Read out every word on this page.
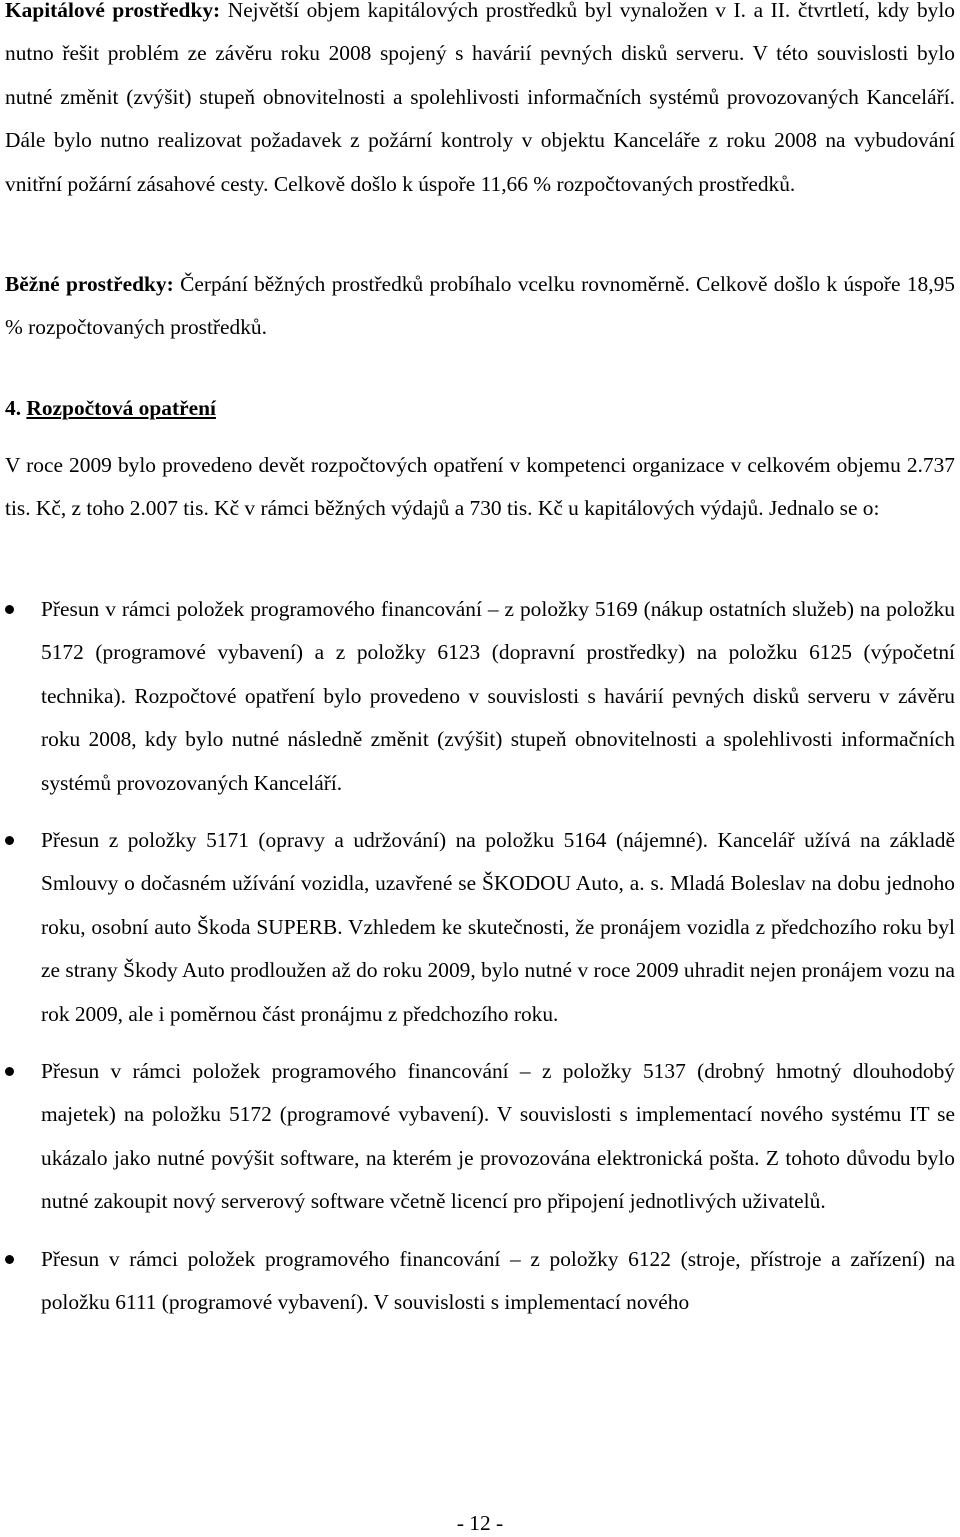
Kapitálové prostředky: Největší objem kapitálových prostředků byl vynaložen v I. a II. čtvrtletí, kdy bylo nutno řešit problém ze závěru roku 2008 spojený s havárií pevných disků serveru. V této souvislosti bylo nutné změnit (zvýšit) stupeň obnovitelnosti a spolehlivosti informačních systémů provozovaných Kanceláří. Dále bylo nutno realizovat požadavek z požární kontroly v objektu Kanceláře z roku 2008 na vybudování vnitřní požární zásahové cesty. Celkově došlo k úspoře 11,66 % rozpočtovaných prostředků.

Běžné prostředky: Čerpání běžných prostředků probíhalo vcelku rovnoměrně. Celkově došlo k úspoře 18,95 % rozpočtovaných prostředků.

4. Rozpočtová opatření

V roce 2009 bylo provedeno devět rozpočtových opatření v kompetenci organizace v celkovém objemu 2.737 tis. Kč, z toho 2.007 tis. Kč v rámci běžných výdajů a 730 tis. Kč u kapitálových výdajů. Jednalo se o:

Přesun v rámci položek programového financování – z položky 5169 (nákup ostatních služeb) na položku 5172 (programové vybavení) a z položky 6123 (dopravní prostředky) na položku 6125 (výpočetní technika). Rozpočtové opatření bylo provedeno v souvislosti s havárií pevných disků serveru v závěru roku 2008, kdy bylo nutné následně změnit (zvýšit) stupeň obnovitelnosti a spolehlivosti informačních systémů provozovaných Kanceláří.
Přesun z položky 5171 (opravy a udržování) na položku 5164 (nájemné). Kancelář užívá na základě Smlouvy o dočasném užívání vozidla, uzavřené se ŠKODOU Auto, a. s. Mladá Boleslav na dobu jednoho roku, osobní auto Škoda SUPERB. Vzhledem ke skutečnosti, že pronájem vozidla z předchozího roku byl ze strany Škody Auto prodloužen až do roku 2009, bylo nutné v roce 2009 uhradit nejen pronájem vozu na rok 2009, ale i poměrnou část pronájmu z předchozího roku.
Přesun v rámci položek programového financování – z položky 5137 (drobný hmotný dlouhodobý majetek) na položku 5172 (programové vybavení). V souvislosti s implementací nového systému IT se ukázalo jako nutné povýšit software, na kterém je provozována elektronická pošta. Z tohoto důvodu bylo nutné zakoupit nový serverový software včetně licencí pro připojení jednotlivých uživatelů.
Přesun v rámci položek programového financování – z položky 6122 (stroje, přístroje a zařízení) na položku 6111 (programové vybavení). V souvislosti s implementací nového
- 12 -
